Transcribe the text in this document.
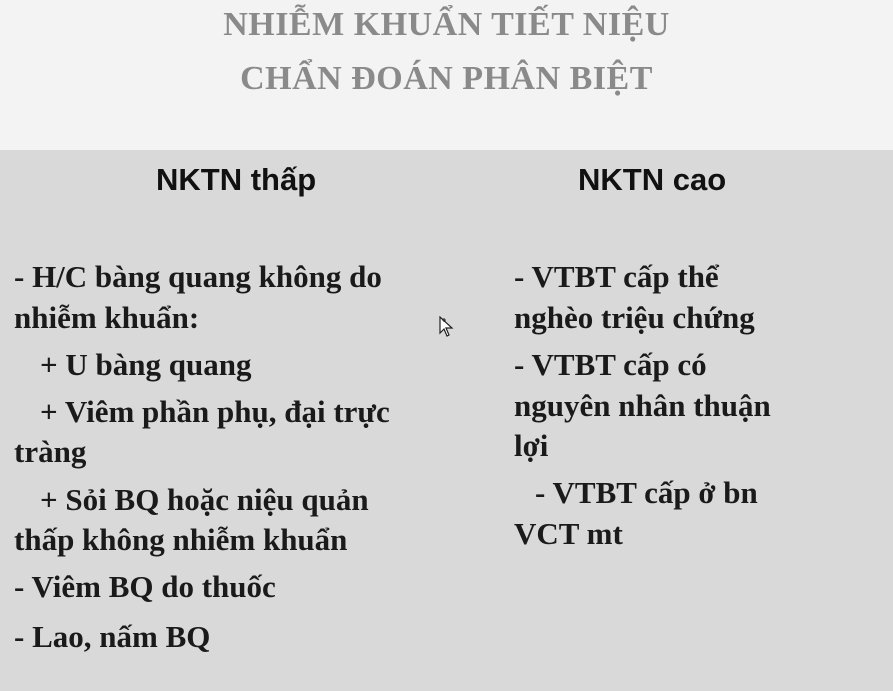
NHIỄM KHUẨN TIẾT NIỆU
CHẨN ĐOÁN PHÂN BIỆT
NKTN thấp	NKTN cao
- H/C bàng quang không do
nhiễm khuẩn:
+ U bàng quang
+ Viêm phần phụ, đại trực
tràng
+ Sỏi BQ hoặc niệu quản
thấp không nhiễm khuẩn
- Viêm BQ do thuốc
- Lao, nấm BQ
- VTBT cấp thể
nghèo triệu chứng
- VTBT cấp có
nguyên nhân thuận
lợi
- VTBT cấp ở bn
VCT mt
